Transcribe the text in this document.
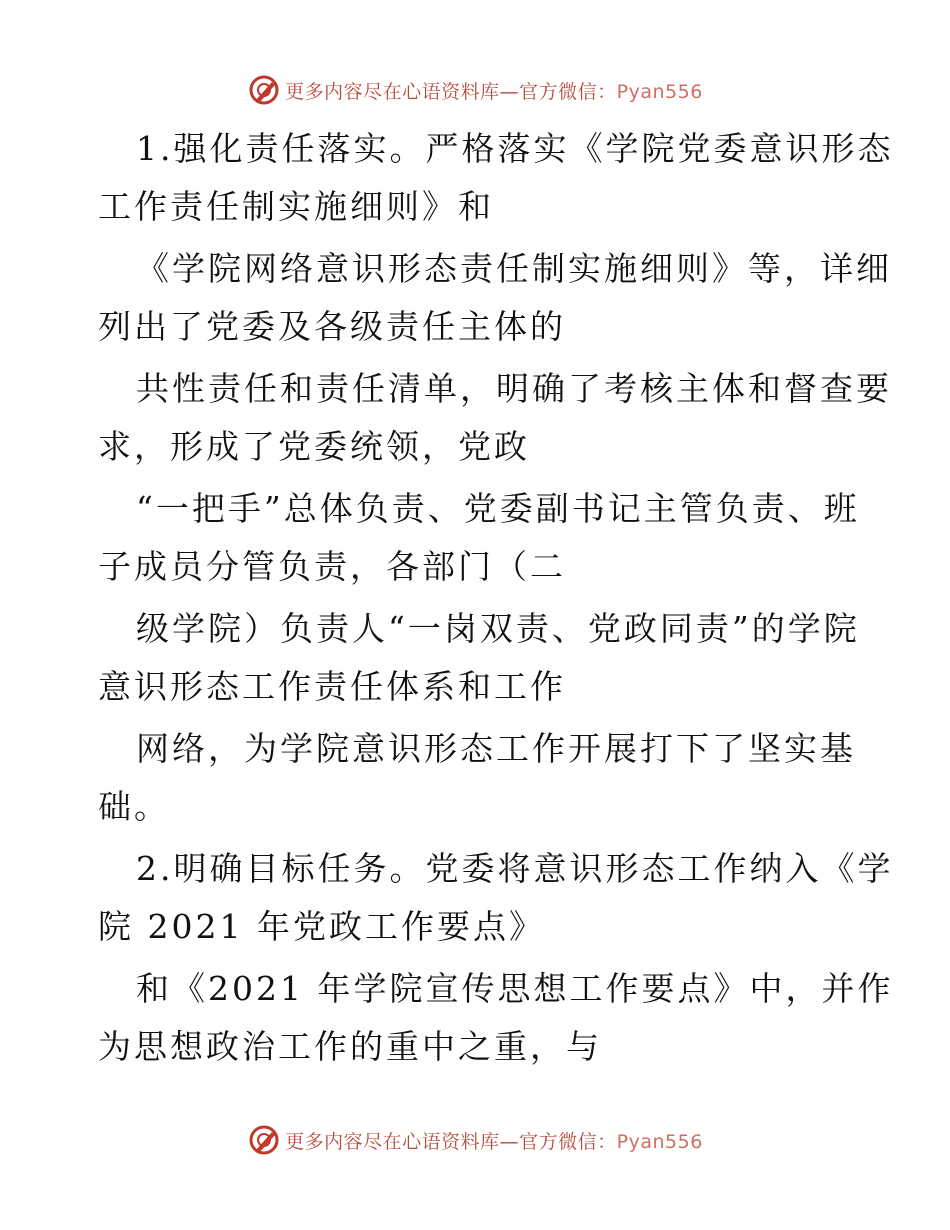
更多内容尽在心语资料库—官方微信：Pyan556
1.强化责任落实。严格落实《学院党委意识形态
工作责任制实施细则》和
《学院网络意识形态责任制实施细则》等，详细
列出了党委及各级责任主体的
共性责任和责任清单，明确了考核主体和督查要
求，形成了党委统领，党政
“一把手”总体负责、党委副书记主管负责、班
子成员分管负责，各部门（二
级学院）负责人“一岗双责、党政同责”的学院
意识形态工作责任体系和工作
网络，为学院意识形态工作开展打下了坚实基
础。
2.明确目标任务。党委将意识形态工作纳入《学
院 2021 年党政工作要点》
和《2021 年学院宣传思想工作要点》中，并作
为思想政治工作的重中之重，与
更多内容尽在心语资料库—官方微信：Pyan556
